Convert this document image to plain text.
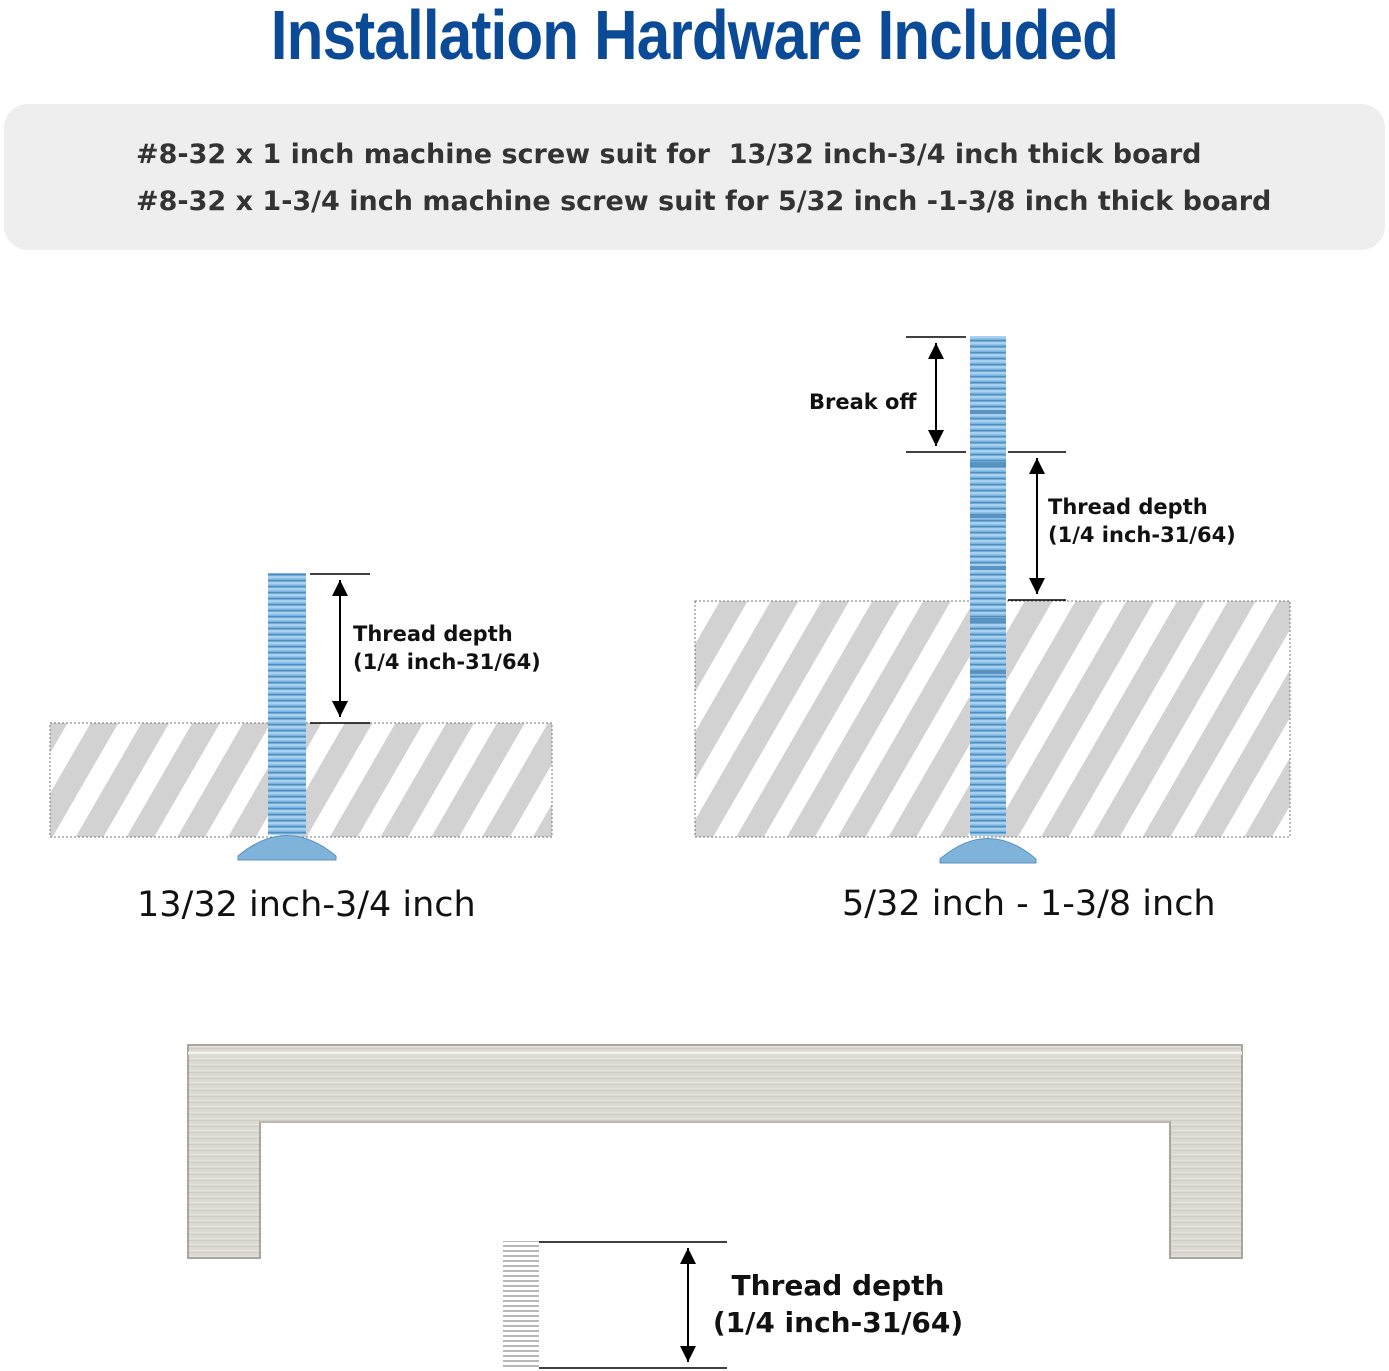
Installation Hardware Included
#8-32 x 1 inch machine screw suit for  13/32 inch-3/4 inch thick board
#8-32 x 1-3/4 inch machine screw suit for 5/32 inch -1-3/8 inch thick board
Thread depth
(1/4 inch-31/64)
13/32 inch-3/4 inch
Break off
Thread depth
(1/4 inch-31/64)
5/32 inch - 1-3/8 inch
Thread depth
(1/4 inch-31/64)
